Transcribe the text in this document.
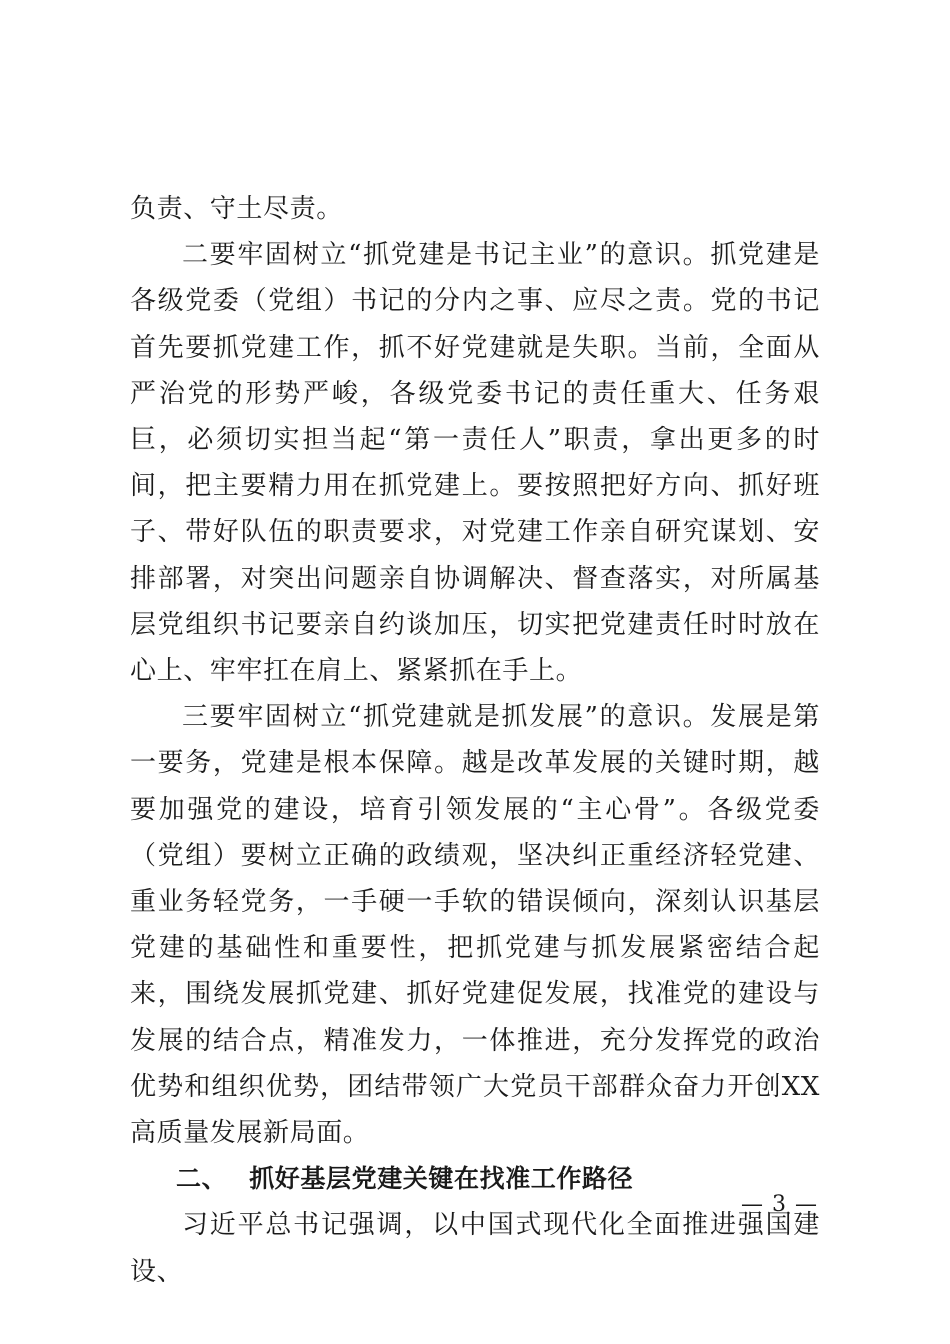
负责、守土尽责。

二要牢固树立“抓党建是书记主业”的意识。抓党建是各级党委（党组）书记的分内之事、应尽之责。党的书记首先要抓党建工作，抓不好党建就是失职。当前，全面从严治党的形势严峻，各级党委书记的责任重大、任务艰巨，必须切实担当起“第一责任人”职责，拿出更多的时间，把主要精力用在抓党建上。要按照把好方向、抓好班子、带好队伍的职责要求，对党建工作亲自研究谋划、安排部署，对突出问题亲自协调解决、督查落实，对所属基层党组织书记要亲自约谈加压，切实把党建责任时时放在心上、牢牢扛在肩上、紧紧抓在手上。

三要牢固树立“抓党建就是抓发展”的意识。发展是第一要务，党建是根本保障。越是改革发展的关键时期，越要加强党的建设，培育引领发展的“主心骨”。各级党委（党组）要树立正确的政绩观，坚决纠正重经济轻党建、重业务轻党务，一手硬一手软的错误倾向，深刻认识基层党建的基础性和重要性，把抓党建与抓发展紧密结合起来，围绕发展抓党建、抓好党建促发展，找准党的建设与发展的结合点，精准发力，一体推进，充分发挥党的政治优势和组织优势，团结带领广大党员干部群众奋力开创XX高质量发展新局面。

二、 抓好基层党建关键在找准工作路径

习近平总书记强调，以中国式现代化全面推进强国建设、

— 3 —
